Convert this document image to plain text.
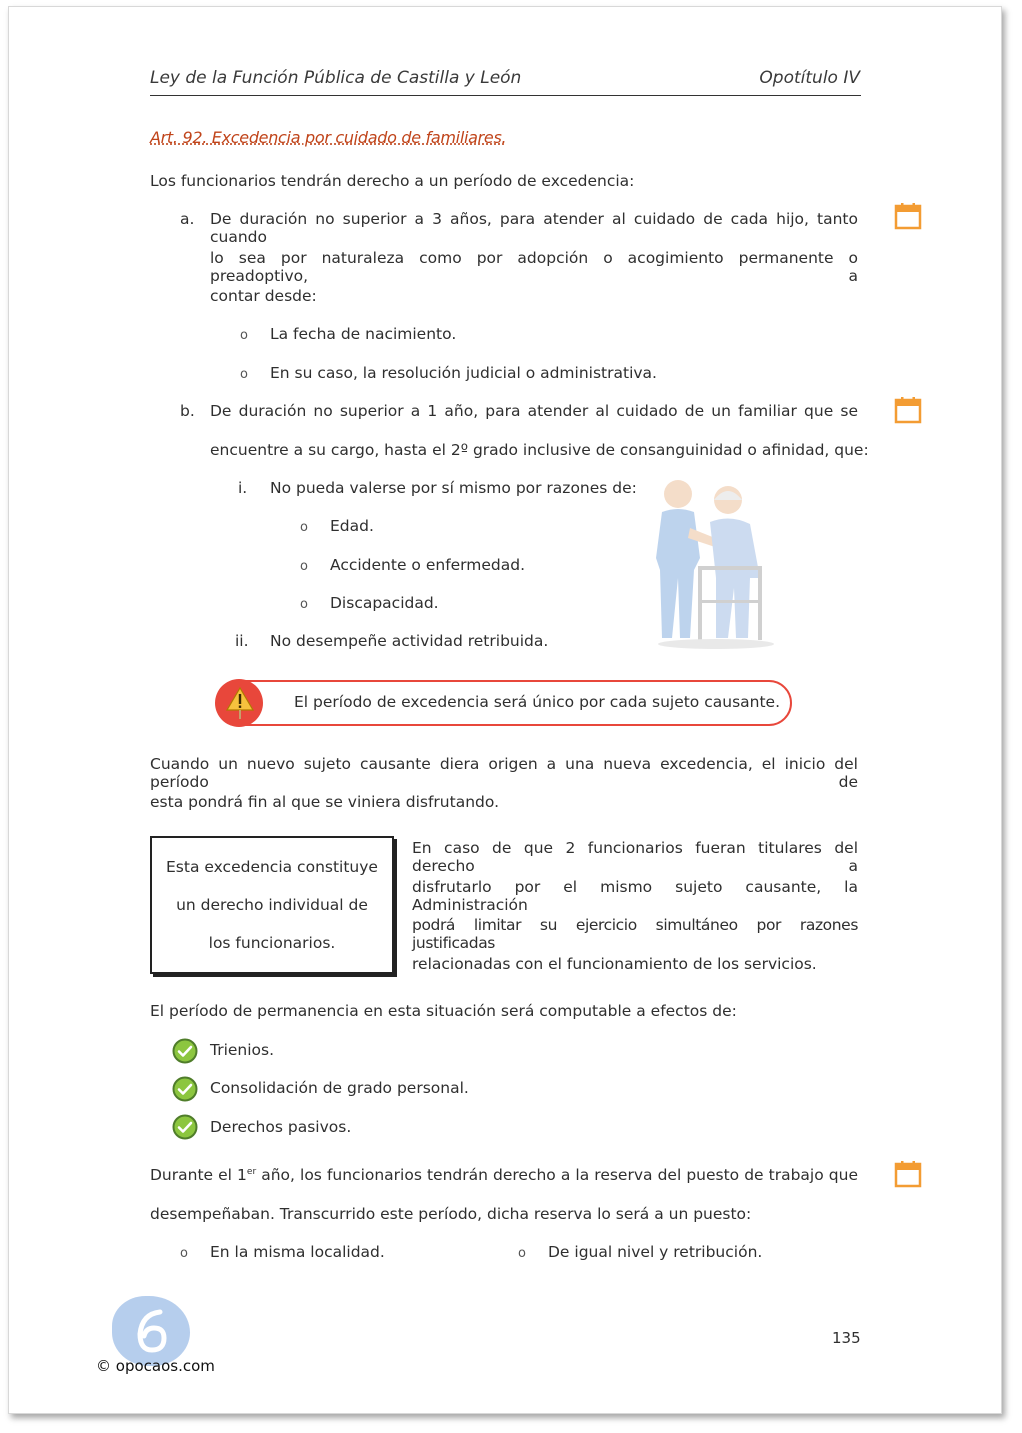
Ley de la Función Pública de Castilla y León	Opotítulo IV
Art. 92. Excedencia por cuidado de familiares.
Los funcionarios tendrán derecho a un período de excedencia:
a. De duración no superior a 3 años, para atender al cuidado de cada hijo, tanto cuando
lo sea por naturaleza como por adopción o acogimiento permanente o preadoptivo, a
contar desde:
o La fecha de nacimiento.
o En su caso, la resolución judicial o administrativa.
b. De duración no superior a 1 año, para atender al cuidado de un familiar que se
encuentre a su cargo, hasta el 2º grado inclusive de consanguinidad o afinidad, que:
i. No pueda valerse por sí mismo por razones de:
o Edad.
o Accidente o enfermedad.
o Discapacidad.
ii. No desempeñe actividad retribuida.
El período de excedencia será único por cada sujeto causante.
Cuando un nuevo sujeto causante diera origen a una nueva excedencia, el inicio del período de
esta pondrá fin al que se viniera disfrutando.
Esta excedencia constituye
un derecho individual de
los funcionarios.
En caso de que 2 funcionarios fueran titulares del derecho a
disfrutarlo por el mismo sujeto causante, la Administración
podrá limitar su ejercicio simultáneo por razones justificadas
relacionadas con el funcionamiento de los servicios.
El período de permanencia en esta situación será computable a efectos de:
Trienios.
Consolidación de grado personal.
Derechos pasivos.
Durante el 1er año, los funcionarios tendrán derecho a la reserva del puesto de trabajo que
desempeñaban. Transcurrido este período, dicha reserva lo será a un puesto:
o En la misma localidad.	o De igual nivel y retribución.
© opocaos.com
135
